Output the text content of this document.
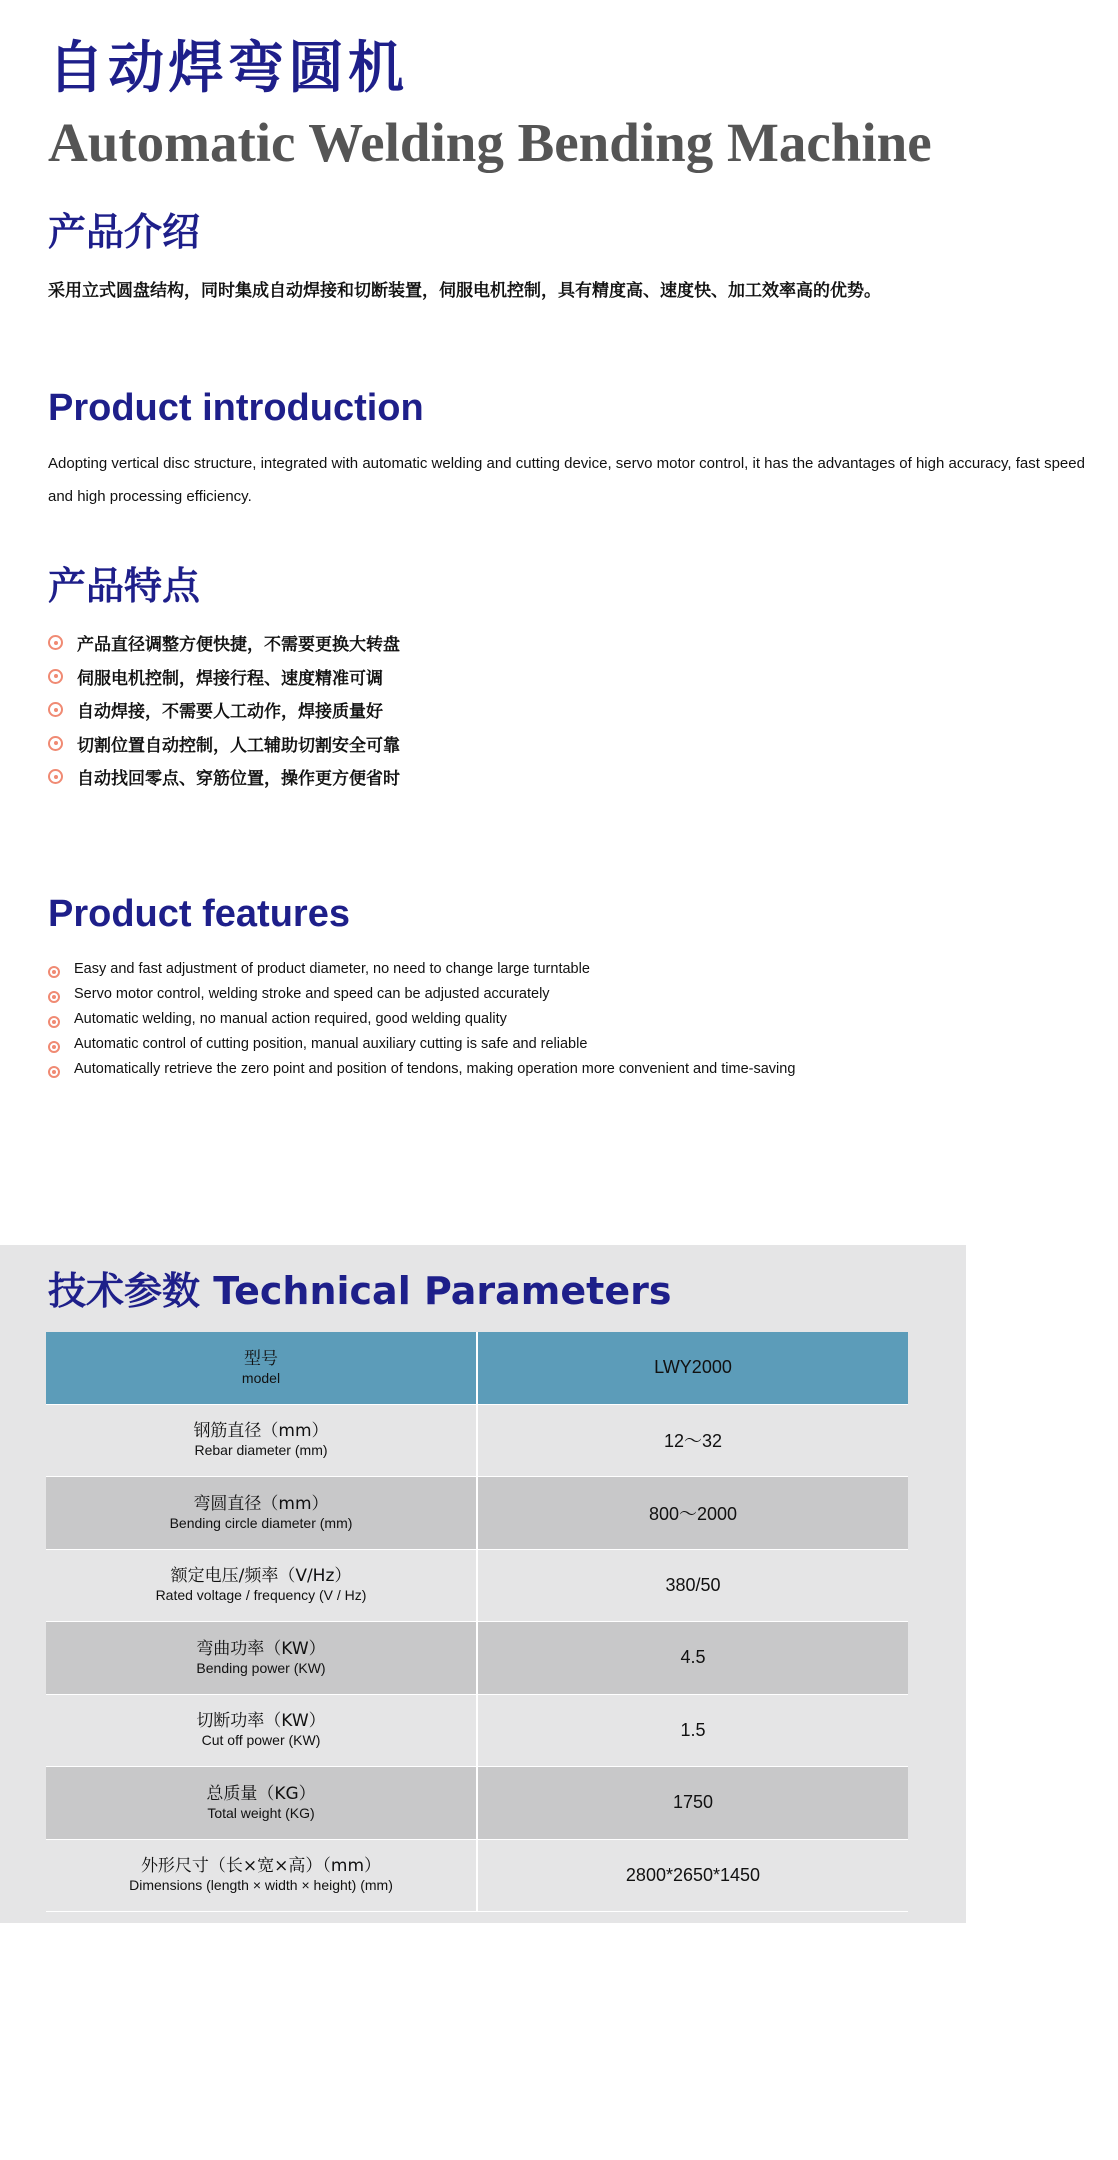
自动焊弯圆机
Automatic Welding Bending Machine
产品介绍

采用立式圆盘结构，同时集成自动焊接和切断装置，伺服电机控制，具有精度高、速度快、加工效率高的优势。

Product introduction

Adopting vertical disc structure, integrated with automatic welding and cutting device, servo motor control, it has the advantages of high accuracy, fast speed and high processing efficiency.

产品特点
产品直径调整方便快捷，不需要更换大转盘
伺服电机控制，焊接行程、速度精准可调
自动焊接，不需要人工动作，焊接质量好
切割位置自动控制，人工辅助切割安全可靠
自动找回零点、穿筋位置，操作更方便省时
Product features
Easy and fast adjustment of product diameter, no need to change large turntable
Servo motor control, welding stroke and speed can be adjusted accurately
Automatic welding, no manual action required, good welding quality
Automatic control of cutting position, manual auxiliary cutting is safe and reliable
Automatically retrieve the zero point and position of tendons, making operation more convenient and time-saving
技术参数 Technical Parameters
型号
model	LWY2000

钢筋直径（mm）
Rebar diameter (mm)	12～32

弯圆直径（mm）
Bending circle diameter (mm)	800～2000

额定电压/频率（V/Hz）
Rated voltage / frequency (V / Hz)	380/50

弯曲功率（KW）
Bending power (KW)	4.5

切断功率（KW）
Cut off power (KW)	1.5

总质量（KG）
Total weight (KG)	1750

外形尺寸（长×宽×高）（mm）
Dimensions (length × width × height) (mm)	2800*2650*1450
